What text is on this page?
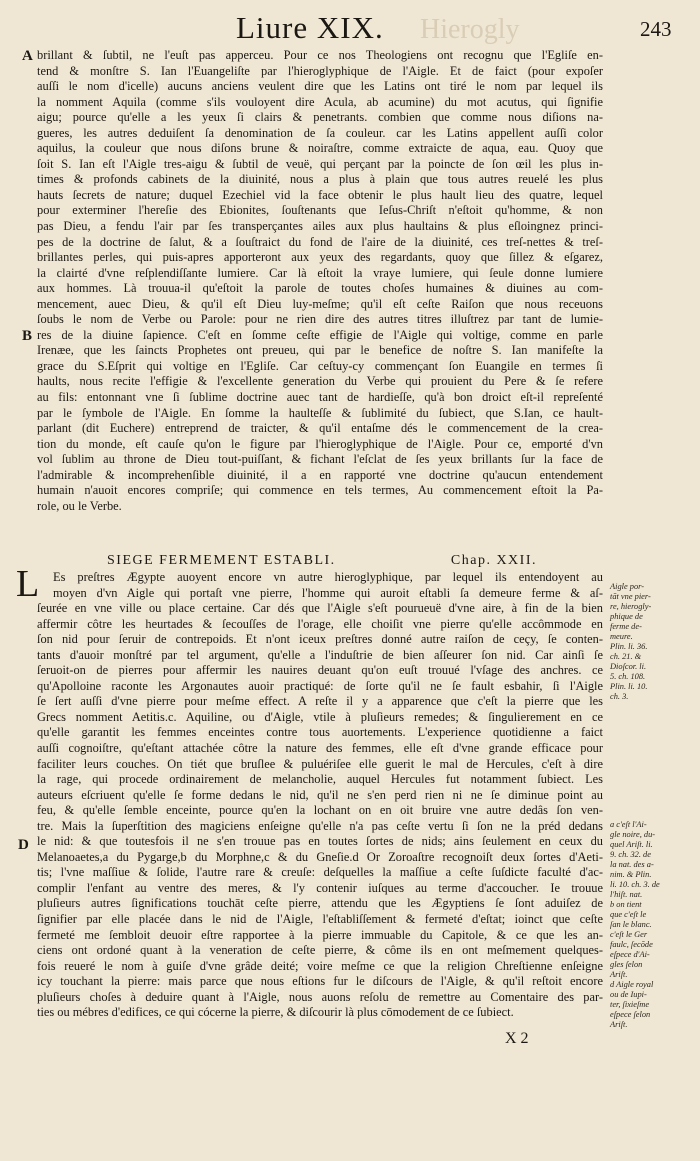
Hierogly
Liure XIX.	243
A
B
D
brillant & ſubtil, ne l'euſt pas apperceu. Pour ce nos Theologiens ont recognu que l'Egliſe en-
tend & monſtre S. Ian l'Euangeliſte par l'hieroglyphique de l'Aigle. Et de faict (pour expoſer
auſſi le nom d'icelle) aucuns anciens veulent dire que les Latins ont tiré le nom par lequel ils
la nomment Aquila (comme s'ils vouloyent dire Acula, ab acumine) du mot acutus, qui ſignifie
aigu; pource qu'elle a les yeux ſi clairs & penetrants. combien que comme nous diſions na-
gueres, les autres deduiſent ſa denomination de ſa couleur. car les Latins appellent auſſi color
aquilus, la couleur que nous diſons brune & noiraſtre, comme extraicte de aqua, eau. Quoy que
ſoit S. Ian eſt l'Aigle tres-aigu & ſubtil de veuë, qui perçant par la poincte de ſon œil les plus in-
times & profonds cabinets de la diuinité, nous a plus à plain que tous autres reuelé les plus
hauts ſecrets de nature; duquel Ezechiel vid la face obtenir le plus hault lieu des quatre, lequel
pour exterminer l'hereſie des Ebionites, ſouſtenants que Ieſus-Chriſt n'eſtoit qu'homme, & non
pas Dieu, a fendu l'air par ſes transperçantes ailes aux plus haultains & plus eſloingnez princi-
pes de la doctrine de ſalut, & a ſouſtraict du fond de l'aire de la diuinité, ces treſ-nettes & treſ-
brillantes perles, qui puis-apres apporteront aux yeux des regardants, quoy que ſillez & eſgarez,
la clairté d'vne reſplendiſſante lumiere. Car là eſtoit la vraye lumiere, qui ſeule donne lumiere
aux hommes. Là trouua-il qu'eſtoit la parole de toutes choſes humaines & diuines au com-
mencement, auec Dieu, & qu'il eſt Dieu luy-meſme; qu'il eſt ceſte Raiſon que nous receuons
ſoubs le nom de Verbe ou Parole: pour ne rien dire des autres titres illuſtrez par tant de lumie-
res de la diuine ſapience. C'eſt en ſomme ceſte effigie de l'Aigle qui voltige, comme en parle
Irenæe, que les ſaincts Prophetes ont preueu, qui par le benefice de noſtre S. Ian manifeſte la
grace du S.Eſprit qui voltige en l'Egliſe. Car ceſtuy-cy commençant ſon Euangile en termes ſi
haults, nous recite l'effigie & l'excellente generation du Verbe qui prouient du Pere & ſe refere
au fils: entonnant vne ſi ſublime doctrine auec tant de hardieſſe, qu'à bon droict eſt-il repreſenté
par le ſymbole de l'Aigle. En ſomme la haulteſſe & ſublimité du ſubiect, que S.Ian, ce hault-
parlant (dit Euchere) entreprend de traicter, & qu'il entaſme dés le commencement de la crea-
tion du monde, eſt cauſe qu'on le figure par l'hieroglyphique de l'Aigle. Pour ce, emporté d'vn
vol ſublim au throne de Dieu tout-puiſſant, & fichant l'eſclat de ſes yeux brillants ſur la face de
l'admirable & incomprehenſible diuinité, il a en rapporté vne doctrine qu'aucun entendement
humain n'auoit encores compriſe; qui commence en tels termes, Au commencement eſtoit la Pa-
role, ou le Verbe.
SIEGE FERMEMENT ESTABLI.	Chap. XXII.
L	Es preſtres Ægypte auoyent encore vn autre hieroglyphique, par lequel ils entendoyent au
moyen d'vn Aigle qui portaſt vne pierre, l'homme qui auroit eſtabli ſa demeure ferme & aſ-
ſeurée en vne ville ou place certaine. Car dés que l'Aigle s'eſt pourueuë d'vne aire, à fin de la bien
affermir côtre les heurtades & ſecouſſes de l'orage, elle choiſit vne pierre qu'elle accômmode en
ſon nid pour ſeruir de contrepoids. Et n'ont iceux preſtres donné autre raiſon de ceçy, ſe conten-
tants d'auoir monſtré par tel argument, qu'elle a l'induſtrie de bien aſſeurer ſon nid. Car ainſi ſe
ſeruoit-on de pierres pour affermir les nauires deuant qu'on euſt trouué l'vſage des anchres. ce
qu'Apolloine raconte les Argonautes auoir practiqué: de ſorte qu'il ne ſe fault esbahir, ſi l'Aigle
ſe ſert auſſi d'vne pierre pour meſme effect. A reſte il y a apparence que c'eſt la pierre que les
Grecs nomment Aetitis.c. Aquiline, ou d'Aigle, vtile à pluſieurs remedes; & ſingulierement en ce
qu'elle garantit les femmes enceintes contre tous auortements. L'experience quotidienne a faict
auſſi cognoiſtre, qu'eſtant attachée côtre la nature des femmes, elle eſt d'vne grande efficace pour
faciliter leurs couches. On tiét que bruſlee & puluériſee elle guerit le mal de Hercules, c'eſt à dire
la rage, qui procede ordinairement de melancholie, auquel Hercules fut notamment ſubiect. Les
auteurs eſcriuent qu'elle ſe forme dedans le nid, qu'il ne s'en perd rien ni ne ſe diminue point au
feu, & qu'elle ſemble enceinte, pource qu'en la lochant on en oit bruire vne autre dedâs ſon ven-
tre. Mais la ſuperſtition des magiciens enſeigne qu'elle n'a pas ceſte vertu ſi ſon ne la préd dedans
le nid: & que toutesfois il ne s'en trouue pas en toutes ſortes de nids; ains ſeulement en ceux du
Melanoaetes,a du Pygarge,b du Morphne,c & du Gneſie.d Or Zoroaſtre recognoiſt deux ſortes d'Aeti-
tis; l'vne maſſiue & ſolide, l'autre rare & creuſe: deſquelles la maſſiue a ceſte ſuſdicte faculté d'ac-
complir l'enfant au ventre des meres, & l'y contenir iuſques au terme d'accoucher. Ie trouue
pluſieurs autres ſignifications touchāt ceſte pierre, attendu que les Ægyptiens ſe ſont aduiſez de
ſignifier par elle placée dans le nid de l'Aigle, l'eſtabliſſement & fermeté d'eſtat; ioinct que ceſte
fermeté me ſembloit deuoir eſtre rapportee à la pierre immuable du Capitole, & ce que les an-
ciens ont ordoné quant à la veneration de ceſte pierre, & côme ils en ont meſmement quelques-
fois reueré le nom à guiſe d'vne grâde deité; voire meſme ce que la religion Chreſtienne enſeigne
icy touchant la pierre: mais parce que nous eſtions fur le diſcours de l'Aigle, & qu'il reſtoit encore
pluſieurs choſes à deduire quant à l'Aigle, nous auons reſolu de remettre au Comentaire des par-
ties ou mébres d'edifices, ce qui cócerne la pierre, & diſcourir là plus cōmodement de ce ſubiect.
Aigle por-
tāt vne pier-
re, hierogly-
phique de
ferme de-
meure.
Plin. li. 36.
ch. 21. &
Dioſcor. li.
5. ch. 108.
Plin. li. 10.
ch. 3.
a c'eſt l'Ai-
gle noire, du-
quel Ariſt. li.
9. ch. 32. de
la nat. des a-
nim. & Plin.
li. 10. ch. 3. de
l'hiſt. nat.
b on tient
que c'eſt le
ſan le blanc.
c'eſt le Ger
faulc, ſecōde
eſpece d'Ai-
gles ſelon
Ariſt.
d Aigle royal
ou de Iupi-
ter, ſixieſme
eſpece ſelon
Ariſt.
X 2
